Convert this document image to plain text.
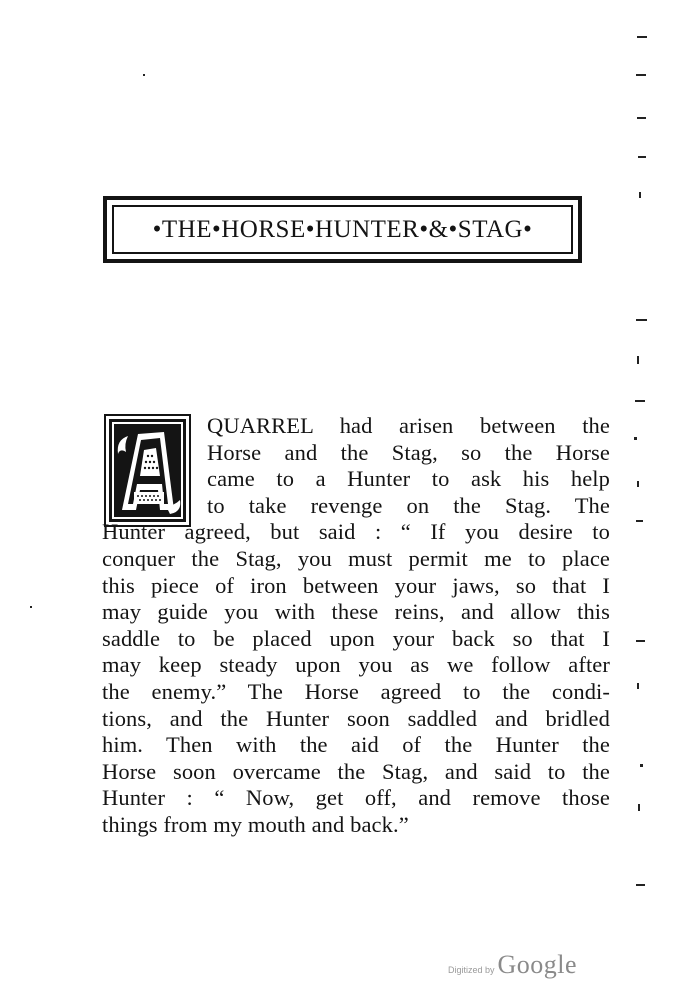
•THE•HORSE•HUNTER•&•STAG•
QUARREL had arisen between the
Horse and the Stag, so the Horse
came to a Hunter to ask his help
to take revenge on the Stag. The
Hunter agreed, but said : “ If you desire to
conquer the Stag, you must permit me to place
this piece of iron between your jaws, so that I
may guide you with these reins, and allow this
saddle to be placed upon your back so that I
may keep steady upon you as we follow after
the enemy.” The Horse agreed to the condi-
tions, and the Hunter soon saddled and bridled
him. Then with the aid of the Hunter the
Horse soon overcame the Stag, and said to the
Hunter : “ Now, get off, and remove those
things from my mouth and back.”
Digitized by Google
